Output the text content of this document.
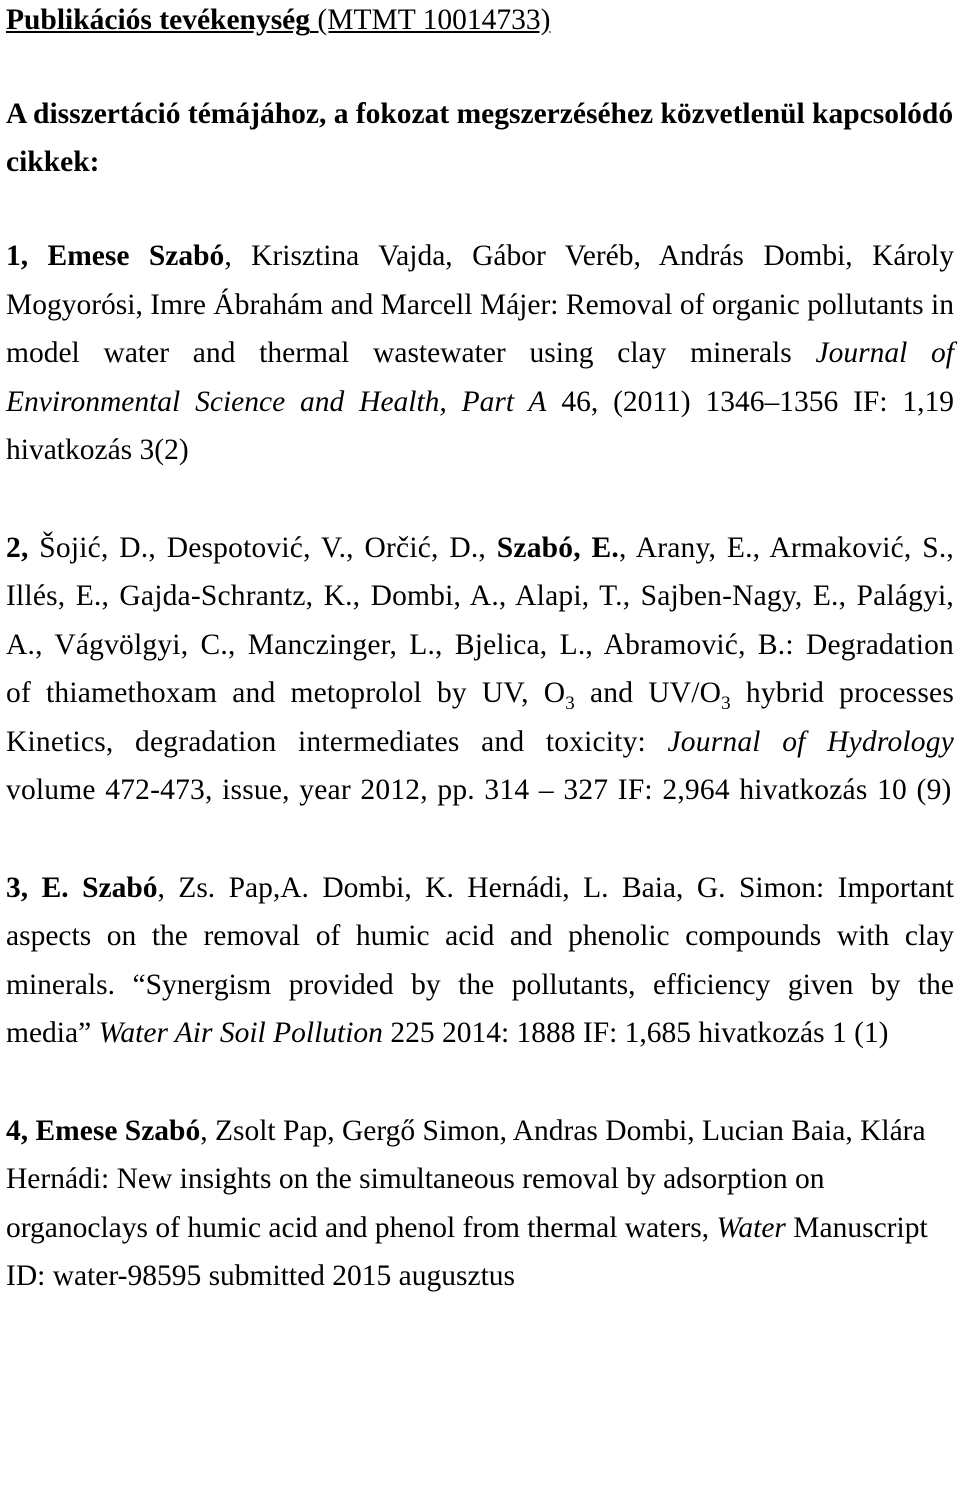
Publikációs tevékenység (MTMT 10014733)

A disszertáció témájához, a fokozat megszerzéséhez közvetlenül kapcsolódó cikkek:

1, Emese Szabó, Krisztina Vajda, Gábor Veréb, András Dombi, Károly Mogyorósi, Imre Ábrahám and Marcell Májer: Removal of organic pollutants in model water and thermal wastewater using clay minerals Journal of Environmental Science and Health, Part A 46, (2011) 1346–1356 IF: 1,19 hivatkozás 3(2)

2, Šojić, D., Despotović, V., Orčić, D., Szabó, E., Arany, E., Armaković, S., Illés, E., Gajda-Schrantz, K., Dombi, A., Alapi, T., Sajben-Nagy, E., Palágyi, A., Vágvölgyi, C., Manczinger, L., Bjelica, L., Abramović, B.: Degradation of thiamethoxam and metoprolol by UV, $O_3$ and $UV/O_3$ hybrid processes Kinetics, degradation intermediates and toxicity: Journal of Hydrology volume 472-473, issue, year 2012, pp. 314 – 327 IF: 2,964 hivatkozás 10 (9)

3, E. Szabó, Zs. Pap,A. Dombi, K. Hernádi, L. Baia, G. Simon: Important aspects on the removal of humic acid and phenolic compounds with clay minerals. “Synergism provided by the pollutants, efficiency given by the media” Water Air Soil Pollution 225 2014: 1888 IF: 1,685 hivatkozás 1 (1)

4, Emese Szabó, Zsolt Pap, Gergő Simon, Andras Dombi, Lucian Baia, Klára Hernádi: New insights on the simultaneous removal by adsorption on organoclays of humic acid and phenol from thermal waters, Water Manuscript ID: water-98595 submitted 2015 augusztus
